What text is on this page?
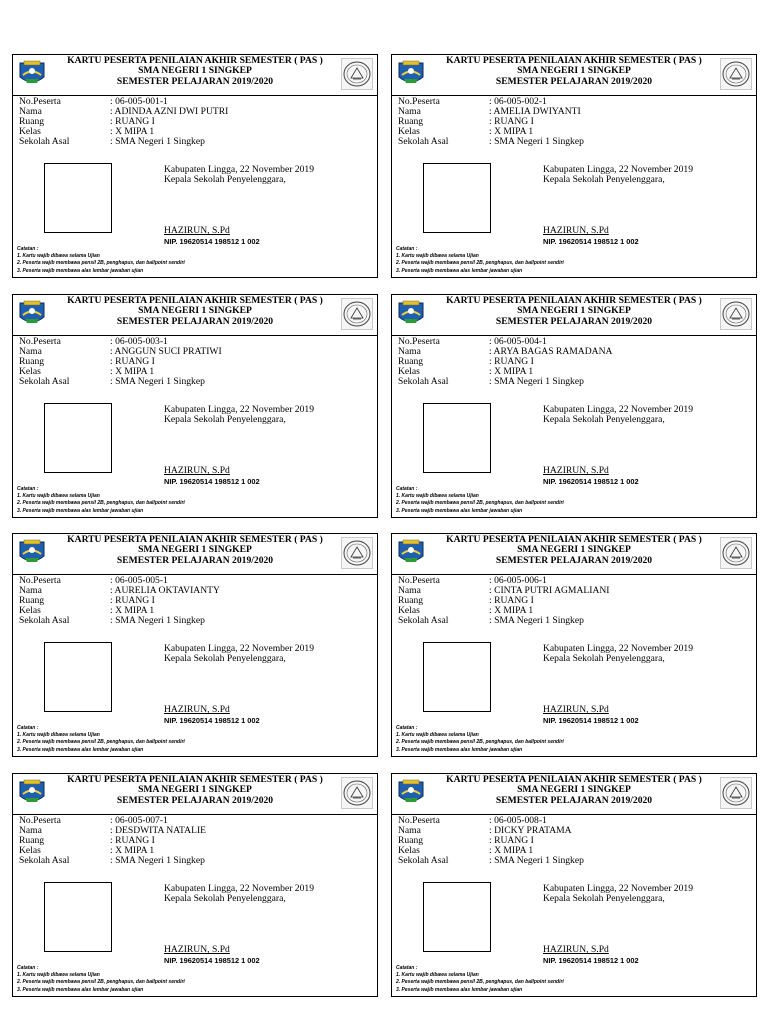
KARTU PESERTA PENILAIAN AKHIR SEMESTER ( PAS )
SMA NEGERI 1 SINGKEP
SEMESTER PELAJARAN 2019/2020
No.Peserta	: 06-005-001-1
Nama	: ADINDA AZNI DWI PUTRI
Ruang	: RUANG I
Kelas	: X MIPA 1
Sekolah Asal	: SMA Negeri 1 Singkep
Kabupaten Lingga, 22 November 2019
Kepala Sekolah Penyelenggara,
HAZIRUN, S.Pd
NIP. 19620514 198512 1 002
Catatan :
1. Kartu wajib dibawa selama Ujian
2. Peserta wajib membawa pensil 2B, penghapus, dan ballpoint sendiri
3. Peserta wajib membawa alas lembar jawaban ujian
KARTU PESERTA PENILAIAN AKHIR SEMESTER ( PAS )
SMA NEGERI 1 SINGKEP
SEMESTER PELAJARAN 2019/2020
No.Peserta	: 06-005-002-1
Nama	: AMELIA DWIYANTI
Ruang	: RUANG I
Kelas	: X MIPA 1
Sekolah Asal	: SMA Negeri 1 Singkep
Kabupaten Lingga, 22 November 2019
Kepala Sekolah Penyelenggara,
HAZIRUN, S.Pd
NIP. 19620514 198512 1 002
Catatan :
1. Kartu wajib dibawa selama Ujian
2. Peserta wajib membawa pensil 2B, penghapus, dan ballpoint sendiri
3. Peserta wajib membawa alas lembar jawaban ujian
KARTU PESERTA PENILAIAN AKHIR SEMESTER ( PAS )
SMA NEGERI 1 SINGKEP
SEMESTER PELAJARAN 2019/2020
No.Peserta	: 06-005-003-1
Nama	: ANGGUN SUCI PRATIWI
Ruang	: RUANG I
Kelas	: X MIPA 1
Sekolah Asal	: SMA Negeri 1 Singkep
Kabupaten Lingga, 22 November 2019
Kepala Sekolah Penyelenggara,
HAZIRUN, S.Pd
NIP. 19620514 198512 1 002
Catatan :
1. Kartu wajib dibawa selama Ujian
2. Peserta wajib membawa pensil 2B, penghapus, dan ballpoint sendiri
3. Peserta wajib membawa alas lembar jawaban ujian
KARTU PESERTA PENILAIAN AKHIR SEMESTER ( PAS )
SMA NEGERI 1 SINGKEP
SEMESTER PELAJARAN 2019/2020
No.Peserta	: 06-005-004-1
Nama	: ARYA BAGAS RAMADANA
Ruang	: RUANG I
Kelas	: X MIPA 1
Sekolah Asal	: SMA Negeri 1 Singkep
Kabupaten Lingga, 22 November 2019
Kepala Sekolah Penyelenggara,
HAZIRUN, S.Pd
NIP. 19620514 198512 1 002
Catatan :
1. Kartu wajib dibawa selama Ujian
2. Peserta wajib membawa pensil 2B, penghapus, dan ballpoint sendiri
3. Peserta wajib membawa alas lembar jawaban ujian
KARTU PESERTA PENILAIAN AKHIR SEMESTER ( PAS )
SMA NEGERI 1 SINGKEP
SEMESTER PELAJARAN 2019/2020
No.Peserta	: 06-005-005-1
Nama	: AURELIA OKTAVIANTY
Ruang	: RUANG I
Kelas	: X MIPA 1
Sekolah Asal	: SMA Negeri 1 Singkep
Kabupaten Lingga, 22 November 2019
Kepala Sekolah Penyelenggara,
HAZIRUN, S.Pd
NIP. 19620514 198512 1 002
Catatan :
1. Kartu wajib dibawa selama Ujian
2. Peserta wajib membawa pensil 2B, penghapus, dan ballpoint sendiri
3. Peserta wajib membawa alas lembar jawaban ujian
KARTU PESERTA PENILAIAN AKHIR SEMESTER ( PAS )
SMA NEGERI 1 SINGKEP
SEMESTER PELAJARAN 2019/2020
No.Peserta	: 06-005-006-1
Nama	: CINTA PUTRI AGMALIANI
Ruang	: RUANG I
Kelas	: X MIPA 1
Sekolah Asal	: SMA Negeri 1 Singkep
Kabupaten Lingga, 22 November 2019
Kepala Sekolah Penyelenggara,
HAZIRUN, S.Pd
NIP. 19620514 198512 1 002
Catatan :
1. Kartu wajib dibawa selama Ujian
2. Peserta wajib membawa pensil 2B, penghapus, dan ballpoint sendiri
3. Peserta wajib membawa alas lembar jawaban ujian
KARTU PESERTA PENILAIAN AKHIR SEMESTER ( PAS )
SMA NEGERI 1 SINGKEP
SEMESTER PELAJARAN 2019/2020
No.Peserta	: 06-005-007-1
Nama	: DESDWITA NATALIE
Ruang	: RUANG I
Kelas	: X MIPA 1
Sekolah Asal	: SMA Negeri 1 Singkep
Kabupaten Lingga, 22 November 2019
Kepala Sekolah Penyelenggara,
HAZIRUN, S.Pd
NIP. 19620514 198512 1 002
Catatan :
1. Kartu wajib dibawa selama Ujian
2. Peserta wajib membawa pensil 2B, penghapus, dan ballpoint sendiri
3. Peserta wajib membawa alas lembar jawaban ujian
KARTU PESERTA PENILAIAN AKHIR SEMESTER ( PAS )
SMA NEGERI 1 SINGKEP
SEMESTER PELAJARAN 2019/2020
No.Peserta	: 06-005-008-1
Nama	: DICKY PRATAMA
Ruang	: RUANG I
Kelas	: X MIPA 1
Sekolah Asal	: SMA Negeri 1 Singkep
Kabupaten Lingga, 22 November 2019
Kepala Sekolah Penyelenggara,
HAZIRUN, S.Pd
NIP. 19620514 198512 1 002
Catatan :
1. Kartu wajib dibawa selama Ujian
2. Peserta wajib membawa pensil 2B, penghapus, dan ballpoint sendiri
3. Peserta wajib membawa alas lembar jawaban ujian
